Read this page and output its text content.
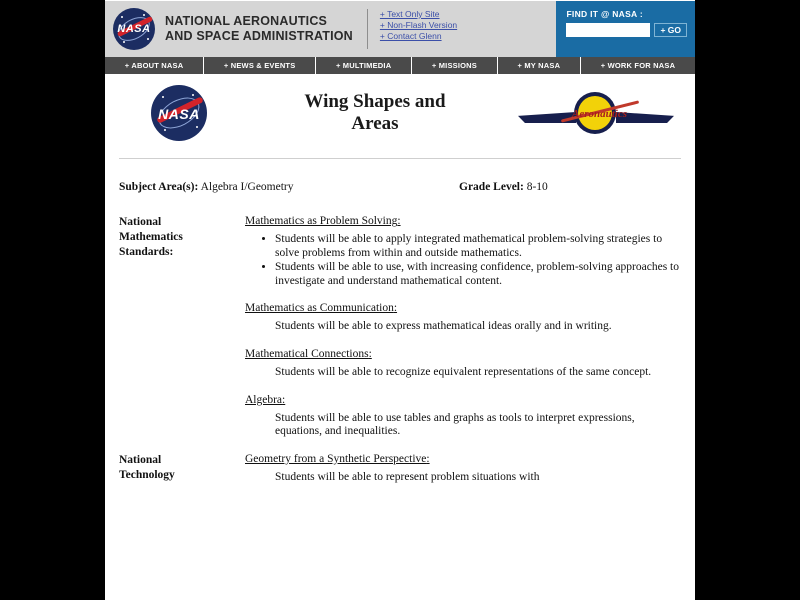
NASA
NATIONAL AERONAUTICS
AND SPACE ADMINISTRATION
+ Text Only Site
+ Non-Flash Version
+ Contact Glenn
FIND IT @ NASA :
+ GO
+ ABOUT NASA	+ NEWS & EVENTS	+ MULTIMEDIA	+ MISSIONS	+ MY NASA	+ WORK FOR NASA
NASA
Wing Shapes and
Areas	Aeronautics
Subject Area(s): Algebra I/Geometry	Grade Level: 8-10
National
Mathematics
Standards:
Mathematics as Problem Solving:
• Students will be able to apply integrated mathematical problem-solving strategies to solve problems from within and outside mathematics.
• Students will be able to use, with increasing confidence, problem-solving approaches to investigate and understand mathematical content.
Mathematics as Communication:

Students will be able to express mathematical ideas orally and in writing.

Mathematical Connections:

Students will be able to recognize equivalent representations of the same concept.

Algebra:

Students will be able to use tables and graphs as tools to interpret expressions, equations, and inequalities.

National
Technology
Geometry from a Synthetic Perspective:

Students will be able to represent problem situations with
